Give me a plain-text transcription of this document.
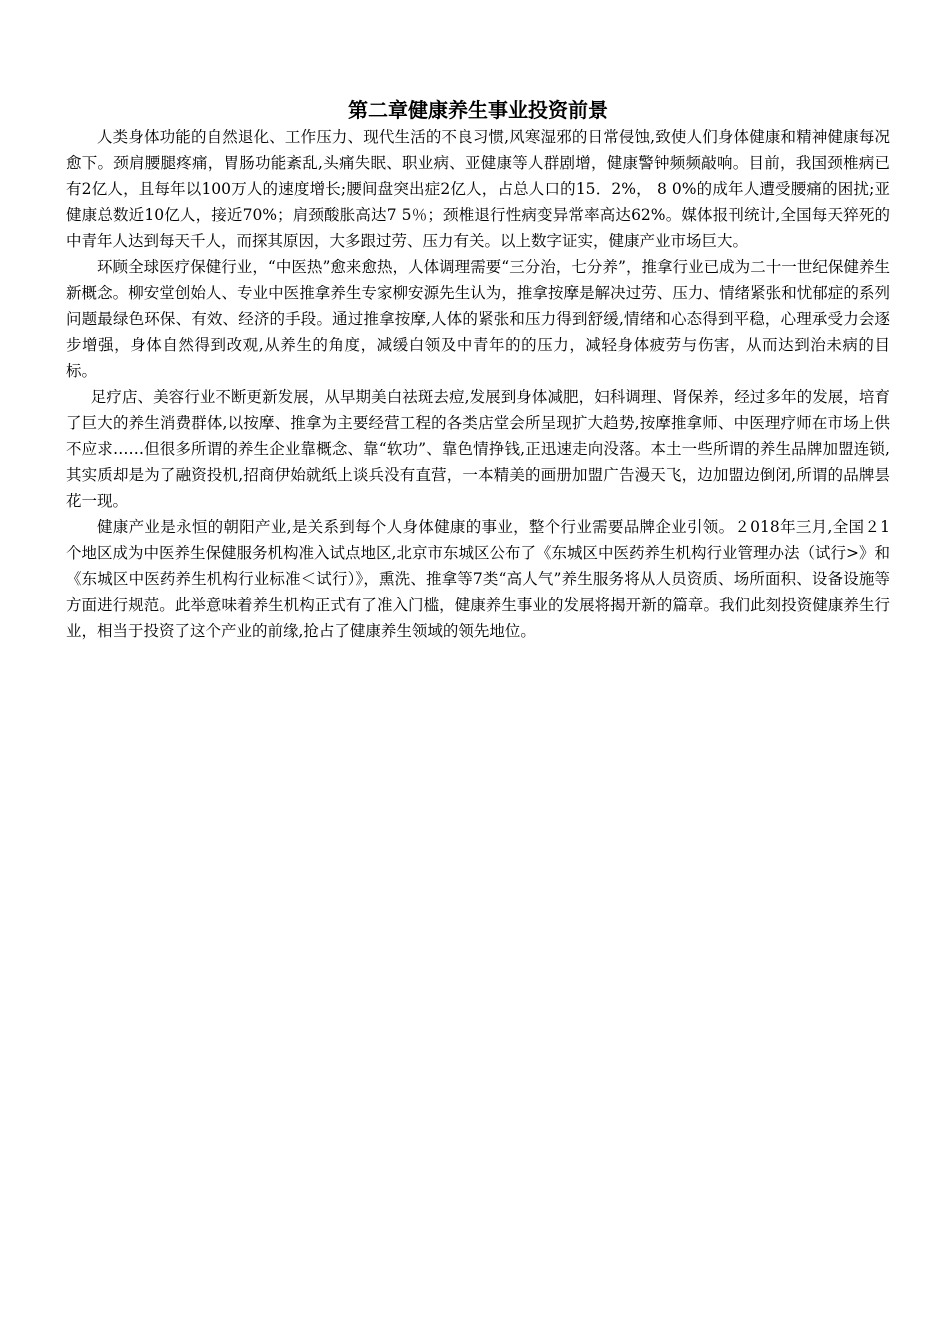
第二章健康养生事业投资前景

人类身体功能的自然退化、工作压力、现代生活的不良习惯,风寒湿邪的日常侵蚀,致使人们身体健康和精神健康每况愈下。颈肩腰腿疼痛，胃肠功能紊乱,头痛失眠、职业病、亚健康等人群剧增，健康警钟频频敲响。目前，我国颈椎病已有2亿人，且每年以100万人的速度增长;腰间盘突出症2亿人，占总人口的15．2%， 8 0%的成年人遭受腰痛的困扰;亚健康总数近10亿人，接近70%；肩颈酸胀高达7 5％；颈椎退行性病变异常率高达62%。媒体报刊统计,全国每天猝死的中青年人达到每天千人，而探其原因，大多跟过劳、压力有关。以上数字证实，健康产业市场巨大。

环顾全球医疗保健行业，“中医热”愈来愈热，人体调理需要“三分治，七分养”，推拿行业已成为二十一世纪保健养生新概念。柳安堂创始人、专业中医推拿养生专家柳安源先生认为，推拿按摩是解决过劳、压力、情绪紧张和忧郁症的系列问题最绿色环保、有效、经济的手段。通过推拿按摩,人体的紧张和压力得到舒缓,情绪和心态得到平稳，心理承受力会逐步增强，身体自然得到改观,从养生的角度，减缓白领及中青年的的压力，减轻身体疲劳与伤害，从而达到治未病的目标。

足疗店、美容行业不断更新发展，从早期美白祛斑去痘,发展到身体减肥，妇科调理、肾保养，经过多年的发展，培育了巨大的养生消费群体,以按摩、推拿为主要经营工程的各类店堂会所呈现扩大趋势,按摩推拿师、中医理疗师在市场上供不应求……但很多所谓的养生企业靠概念、靠“软功”、靠色情挣钱,正迅速走向没落。本土一些所谓的养生品牌加盟连锁,其实质却是为了融资投机,招商伊始就纸上谈兵没有直营，一本精美的画册加盟广告漫天飞，边加盟边倒闭,所谓的品牌昙花一现。

健康产业是永恒的朝阳产业,是关系到每个人身体健康的事业，整个行业需要品牌企业引领。２018年三月,全国２1个地区成为中医养生保健服务机构准入试点地区,北京市东城区公布了《东城区中医药养生机构行业管理办法（试行>》和《东城区中医药养生机构行业标准＜试行）》，熏洗、推拿等7类“高人气”养生服务将从人员资质、场所面积、设备设施等方面进行规范。此举意味着养生机构正式有了准入门槛，健康养生事业的发展将揭开新的篇章。我们此刻投资健康养生行业，相当于投资了这个产业的前缘,抢占了健康养生领域的领先地位。
